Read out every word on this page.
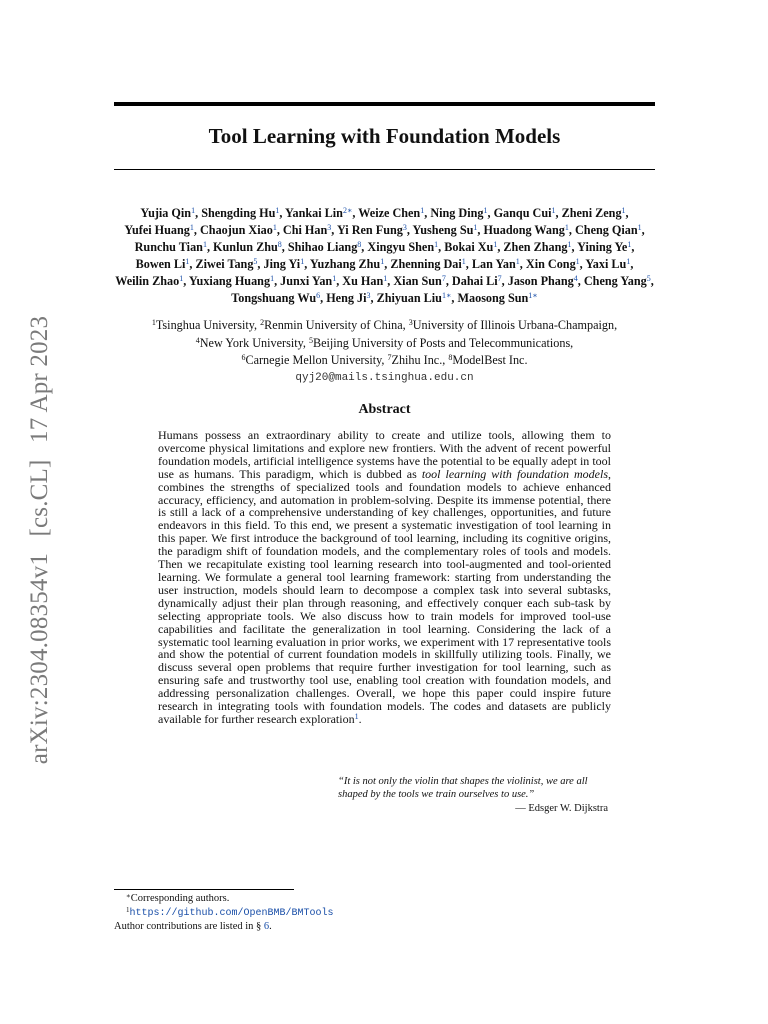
arXiv:2304.08354v1 [cs.CL] 17 Apr 2023
Tool Learning with Foundation Models
Yujia Qin$^1$, Shengding Hu$^1$, Yankai Lin$^{2∗}$, Weize Chen$^1$, Ning Ding$^1$, Ganqu Cui$^1$, Zheni Zeng$^1$, Yufei Huang$^1$, Chaojun Xiao$^1$, Chi Han$^3$, Yi Ren Fung$^3$, Yusheng Su$^1$, Huadong Wang$^1$, Cheng Qian$^1$, Runchu Tian$^1$, Kunlun Zhu$^8$, Shihao Liang$^8$, Xingyu Shen$^1$, Bokai Xu$^1$, Zhen Zhang$^1$, Yining Ye$^1$, Bowen Li$^1$, Ziwei Tang$^5$, Jing Yi$^1$, Yuzhang Zhu$^1$, Zhenning Dai$^1$, Lan Yan$^1$, Xin Cong$^1$, Yaxi Lu$^1$, Weilin Zhao$^1$, Yuxiang Huang$^1$, Junxi Yan$^1$, Xu Han$^1$, Xian Sun$^7$, Dahai Li$^7$, Jason Phang$^4$, Cheng Yang$^5$, Tongshuang Wu$^6$, Heng Ji$^3$, Zhiyuan Liu$^{1∗}$, Maosong Sun$^{1∗}$
$^1$Tsinghua University, $^2$Renmin University of China, $^3$University of Illinois Urbana-Champaign,
$^4$New York University, $^5$Beijing University of Posts and Telecommunications,
$^6$Carnegie Mellon University, $^7$Zhihu Inc., $^8$ModelBest Inc.
qyj20@mails.tsinghua.edu.cn
Abstract

Humans possess an extraordinary ability to create and utilize tools, allowing them to overcome physical limitations and explore new frontiers. With the advent of recent powerful foundation models, artificial intelligence systems have the potential to be equally adept in tool use as humans. This paradigm, which is dubbed as tool learning with foundation models, combines the strengths of specialized tools and foundation models to achieve enhanced accuracy, efficiency, and automation in problem-solving. Despite its immense potential, there is still a lack of a comprehensive understanding of key challenges, opportunities, and future endeavors in this field. To this end, we present a systematic investigation of tool learning in this paper. We first introduce the background of tool learning, including its cognitive origins, the paradigm shift of foundation models, and the complementary roles of tools and models. Then we recapitulate existing tool learning research into tool-augmented and tool-oriented learning. We formulate a general tool learning framework: starting from understanding the user instruction, models should learn to decompose a complex task into several subtasks, dynamically adjust their plan through reasoning, and effectively conquer each sub-task by selecting appropriate tools. We also discuss how to train models for improved tool-use capabilities and facilitate the generalization in tool learning. Considering the lack of a systematic tool learning evaluation in prior works, we experiment with 17 representative tools and show the potential of current foundation models in skillfully utilizing tools. Finally, we discuss several open problems that require further investigation for tool learning, such as ensuring safe and trustworthy tool use, enabling tool creation with foundation models, and addressing personalization challenges. Overall, we hope this paper could inspire future research in integrating tools with foundation models. The codes and datasets are publicly available for further research exploration$^1$.

“It is not only the violin that shapes the violinist, we are all shaped by the tools we train ourselves to use.”
— Edsger W. Dijkstra

∗Corresponding authors.

$^1$https://github.com/OpenBMB/BMTools

Author contributions are listed in § 6.
